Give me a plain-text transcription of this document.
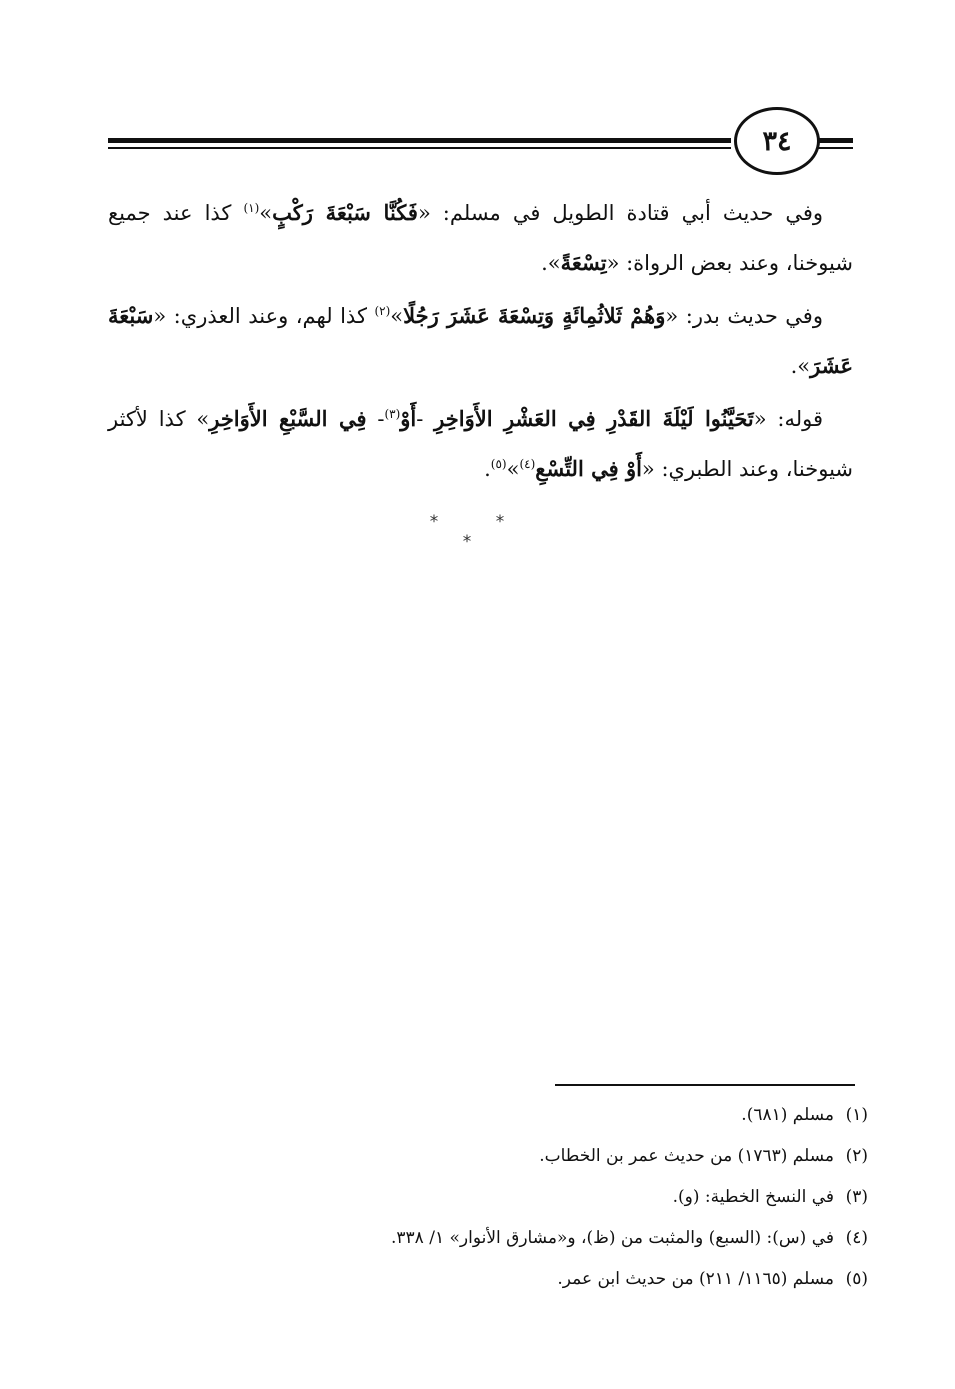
٣٤

وفي حديث أبي قتادة الطويل في مسلم: «فَكُنَّا سَبْعَةَ رَكْبٍ»$^{(١)}$ كذا عند جميع شيوخنا، وعند بعض الرواة: «تِسْعَةً».

وفي حديث بدر: «وَهُمْ ثَلاثُمِائَةٍ وَتِسْعَةَ عَشَرَ رَجُلًا»$^{(٢)}$ كذا لهم، وعند العذري: «سَبْعَةَ عَشَرَ».

قوله: «تَحَيَّنُوا لَيْلَةَ القَدْرِ فِي العَشْرِ الأَوَاخِرِ -أَوْ$^{(٣)}$- فِي السَّبْعِ الأَوَاخِرِ» كذا لأكثر شيوخنا، وعند الطبري: «أَوْ فِي التِّسْعِ$^{(٤)}$»$^{(٥)}$.

* * *
(١)مسلم (٦٨١).
(٢)مسلم (١٧٦٣) من حديث عمر بن الخطاب.
(٣)في النسخ الخطية: (و).
(٤)في (س): (السبع) والمثبت من (ظ)، و«مشارق الأنوار» ١/ ٣٣٨.
(٥)مسلم (١١٦٥/ ٢١١) من حديث ابن عمر.
